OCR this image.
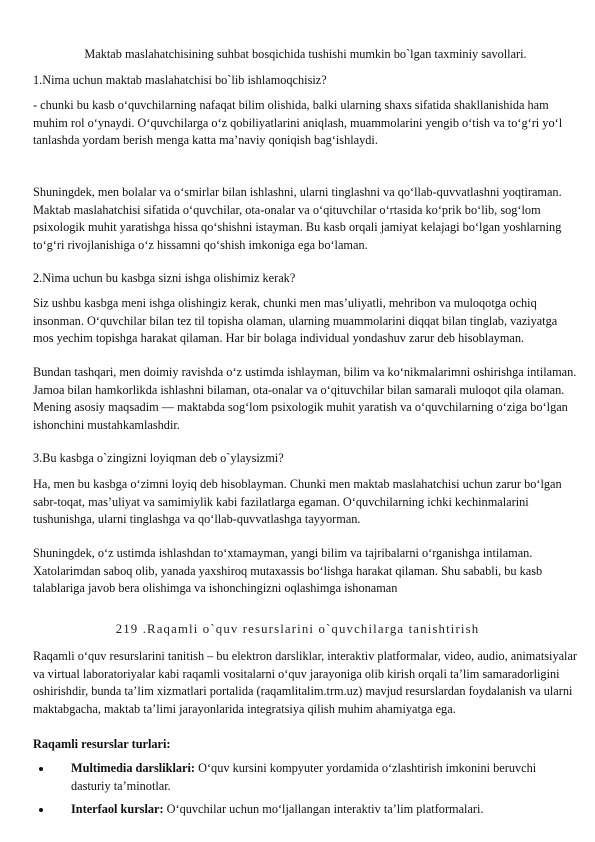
Maktab maslahatchisining suhbat bosqichida tushishi mumkin bo`lgan taxminiy savollari.

1.Nima uchun maktab maslahatchisi bo`lib ishlamoqchisiz?

- chunki bu kasb o‘quvchilarning nafaqat bilim olishida, balki ularning shaxs sifatida shakllanishida ham muhim rol o‘ynaydi. O‘quvchilarga o‘z qobiliyatlarini aniqlash, muammolarini yengib o‘tish va to‘g‘ri yo‘l tanlashda yordam berish menga katta ma’naviy qoniqish bag‘ishlaydi.

Shuningdek, men bolalar va o‘smirlar bilan ishlashni, ularni tinglashni va qo‘llab-quvvatlashni yoqtiraman. Maktab maslahatchisi sifatida o‘quvchilar, ota-onalar va o‘qituvchilar o‘rtasida ko‘prik bo‘lib, sog‘lom psixologik muhit yaratishga hissa qo‘shishni istayman. Bu kasb orqali jamiyat kelajagi bo‘lgan yoshlarning to‘g‘ri rivojlanishiga o‘z hissamni qo‘shish imkoniga ega bo‘laman.

2.Nima uchun bu kasbga sizni ishga olishimiz kerak?

Siz ushbu kasbga meni ishga olishingiz kerak, chunki men mas’uliyatli, mehribon va muloqotga ochiq insonman. O‘quvchilar bilan tez til topisha olaman, ularning muammolarini diqqat bilan tinglab, vaziyatga mos yechim topishga harakat qilaman. Har bir bolaga individual yondashuv zarur deb hisoblayman.

Bundan tashqari, men doimiy ravishda o‘z ustimda ishlayman, bilim va ko‘nikmalarimni oshirishga intilaman. Jamoa bilan hamkorlikda ishlashni bilaman, ota-onalar va o‘qituvchilar bilan samarali muloqot qila olaman. Mening asosiy maqsadim — maktabda sog‘lom psixologik muhit yaratish va o‘quvchilarning o‘ziga bo‘lgan ishonchini mustahkamlashdir.

3.Bu kasbga o`zingizni loyiqman deb o`ylaysizmi?

Ha, men bu kasbga o‘zimni loyiq deb hisoblayman. Chunki men maktab maslahatchisi uchun zarur bo‘lgan sabr-toqat, mas’uliyat va samimiylik kabi fazilatlarga egaman. O‘quvchilarning ichki kechinmalarini tushunishga, ularni tinglashga va qo‘llab-quvvatlashga tayyorman.

Shuningdek, o‘z ustimda ishlashdan to‘xtamayman, yangi bilim va tajribalarni o‘rganishga intilaman. Xatolarimdan saboq olib, yanada yaxshiroq mutaxassis bo‘lishga harakat qilaman. Shu sababli, bu kasb talablariga javob bera olishimga va ishonchingizni oqlashimga ishonaman

219 .Raqamli o`quv resurslarini o`quvchilarga tanishtirish

Raqamli o‘quv resurslarini tanitish – bu elektron darsliklar, interaktiv platformalar, video, audio, animatsiyalar va virtual laboratoriyalar kabi raqamli vositalarni o‘quv jarayoniga olib kirish orqali ta’lim samaradorligini oshirishdir, bunda ta’lim xizmatlari portalida (raqamlitalim.trm.uz) mavjud resurslardan foydalanish va ularni maktabgacha, maktab ta’limi jarayonlarida integratsiya qilish muhim ahamiyatga ega.

Raqamli resurslar turlari:

Multimedia darsliklari: O‘quv kursini kompyuter yordamida o‘zlashtirish imkonini beruvchi dasturiy ta’minotlar.
Interfaol kurslar: O‘quvchilar uchun mo‘ljallangan interaktiv ta’lim platformalari.
